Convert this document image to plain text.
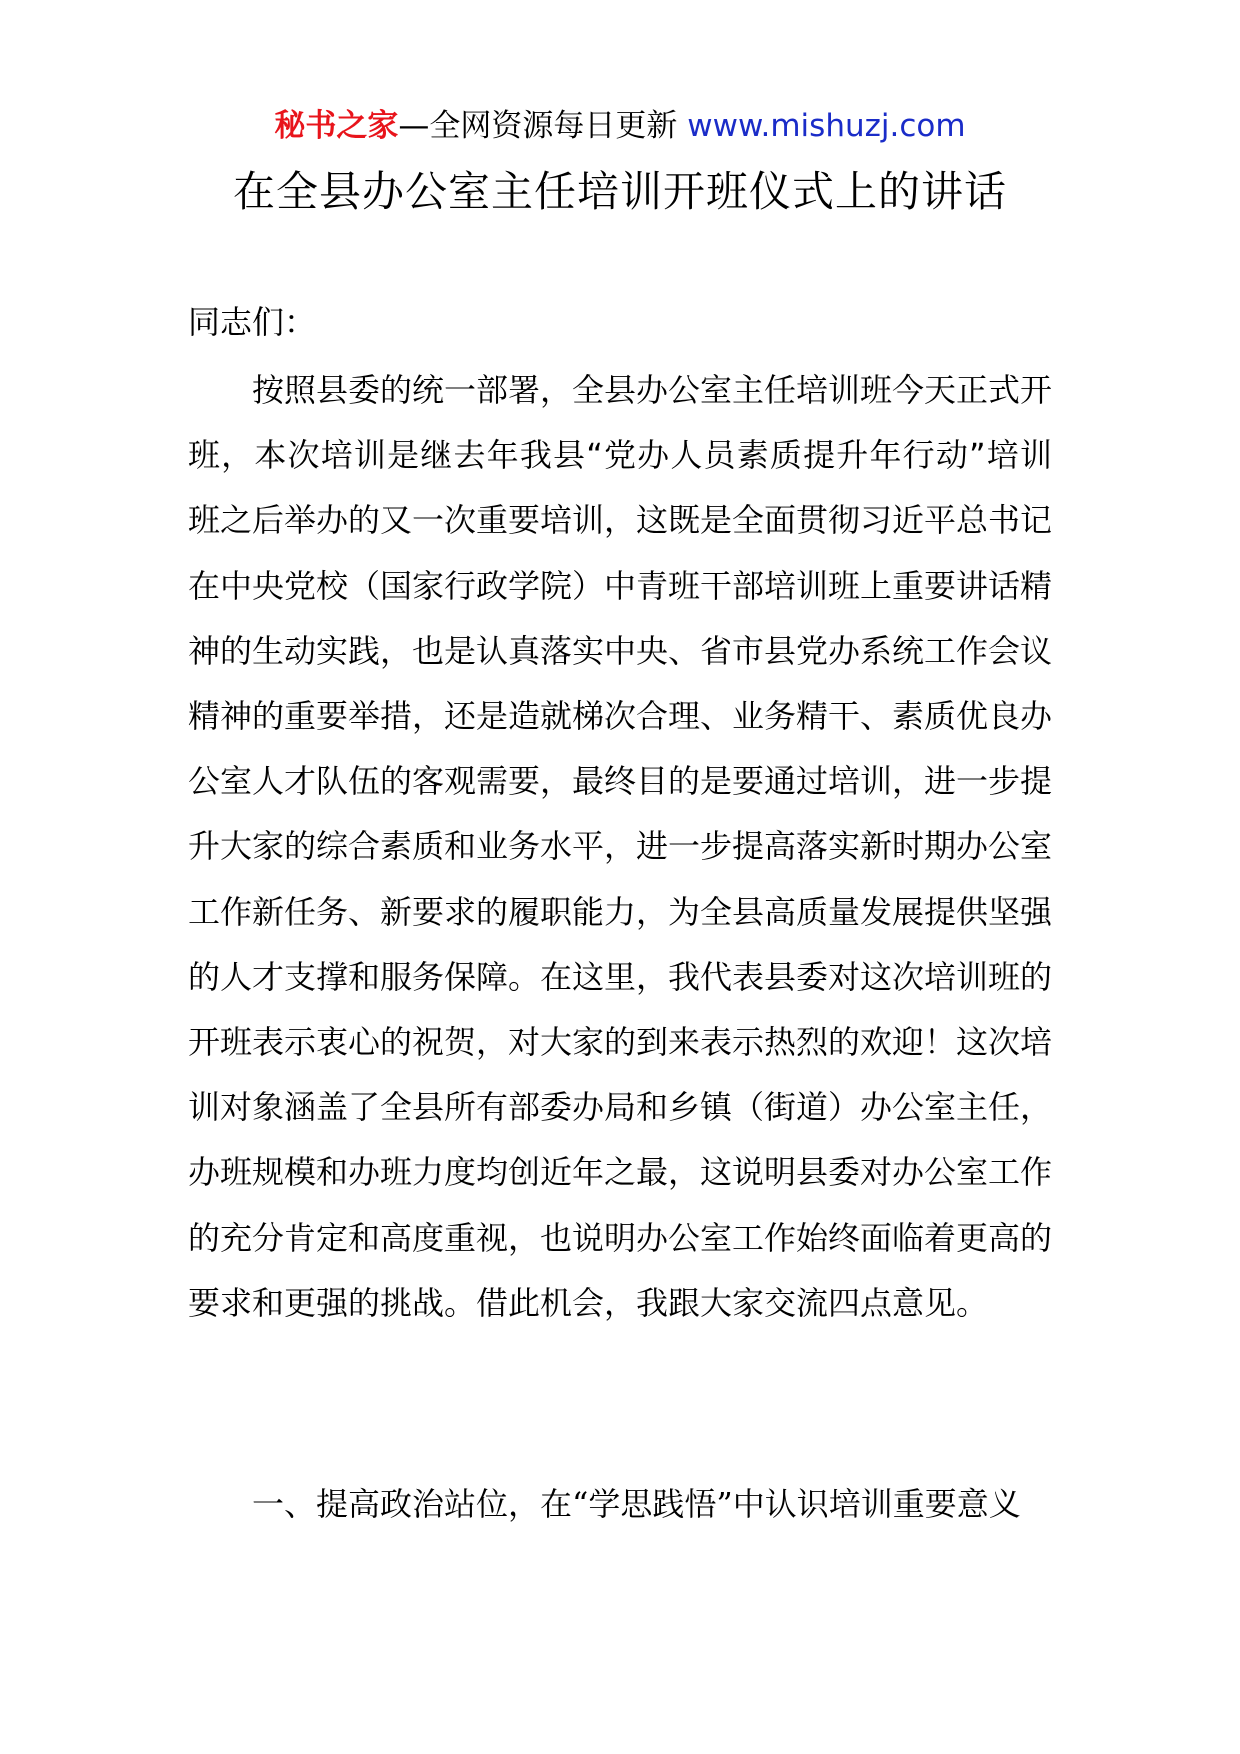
秘书之家—全网资源每日更新 www.mishuzj.com
在全县办公室主任培训开班仪式上的讲话
同志们：

按照县委的统一部署，全县办公室主任培训班今天正式开班，本次培训是继去年我县“党办人员素质提升年行动”培训班之后举办的又一次重要培训，这既是全面贯彻习近平总书记在中央党校（国家行政学院）中青班干部培训班上重要讲话精神的生动实践，也是认真落实中央、省市县党办系统工作会议精神的重要举措，还是造就梯次合理、业务精干、素质优良办公室人才队伍的客观需要，最终目的是要通过培训，进一步提升大家的综合素质和业务水平，进一步提高落实新时期办公室工作新任务、新要求的履职能力，为全县高质量发展提供坚强的人才支撑和服务保障。在这里，我代表县委对这次培训班的开班表示衷心的祝贺，对大家的到来表示热烈的欢迎！这次培训对象涵盖了全县所有部委办局和乡镇（街道）办公室主任，办班规模和办班力度均创近年之最，这说明县委对办公室工作的充分肯定和高度重视，也说明办公室工作始终面临着更高的要求和更强的挑战。借此机会，我跟大家交流四点意见。

一、提高政治站位，在“学思践悟”中认识培训重要意义
